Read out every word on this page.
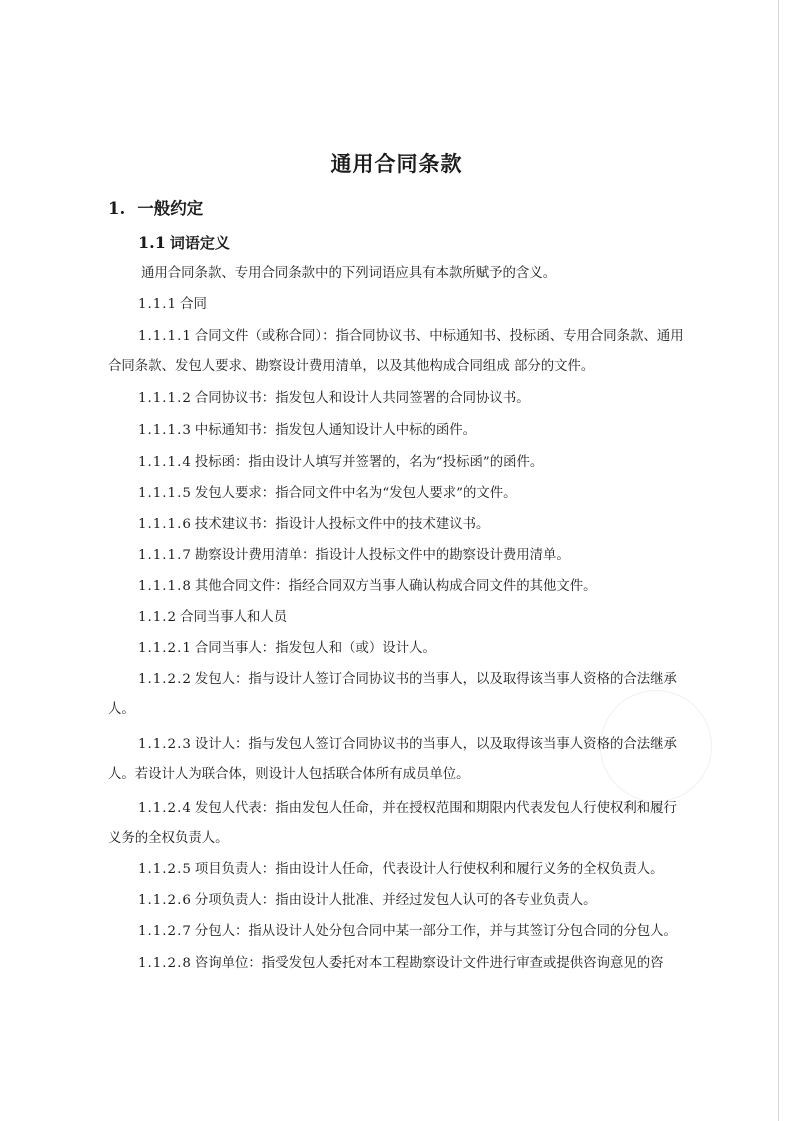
通用合同条款
1. 一般约定
1.1 词语定义

通用合同条款、专用合同条款中的下列词语应具有本款所赋予的含义。

1.1.1 合同

1.1.1.1 合同文件（或称合同）：指合同协议书、中标通知书、投标函、专用合同条款、通用合同条款、发包人要求、勘察设计费用清单，以及其他构成合同组成 部分的文件。

1.1.1.2 合同协议书：指发包人和设计人共同签署的合同协议书。

1.1.1.3 中标通知书：指发包人通知设计人中标的函件。

1.1.1.4 投标函：指由设计人填写并签署的，名为“投标函”的函件。

1.1.1.5 发包人要求：指合同文件中名为“发包人要求”的文件。

1.1.1.6 技术建议书：指设计人投标文件中的技术建议书。

1.1.1.7 勘察设计费用清单：指设计人投标文件中的勘察设计费用清单。

1.1.1.8 其他合同文件：指经合同双方当事人确认构成合同文件的其他文件。

1.1.2 合同当事人和人员

1.1.2.1 合同当事人：指发包人和（或）设计人。

1.1.2.2 发包人：指与设计人签订合同协议书的当事人，以及取得该当事人资格的合法继承人。

1.1.2.3 设计人：指与发包人签订合同协议书的当事人，以及取得该当事人资格的合法继承人。若设计人为联合体，则设计人包括联合体所有成员单位。

1.1.2.4 发包人代表：指由发包人任命，并在授权范围和期限内代表发包人行使权利和履行义务的全权负责人。

1.1.2.5 项目负责人：指由设计人任命，代表设计人行使权利和履行义务的全权负责人。

1.1.2.6 分项负责人：指由设计人批准、并经过发包人认可的各专业负责人。

1.1.2.7 分包人：指从设计人处分包合同中某一部分工作，并与其签订分包合同的分包人。

1.1.2.8 咨询单位：指受发包人委托对本工程勘察设计文件进行审查或提供咨询意见的咨
